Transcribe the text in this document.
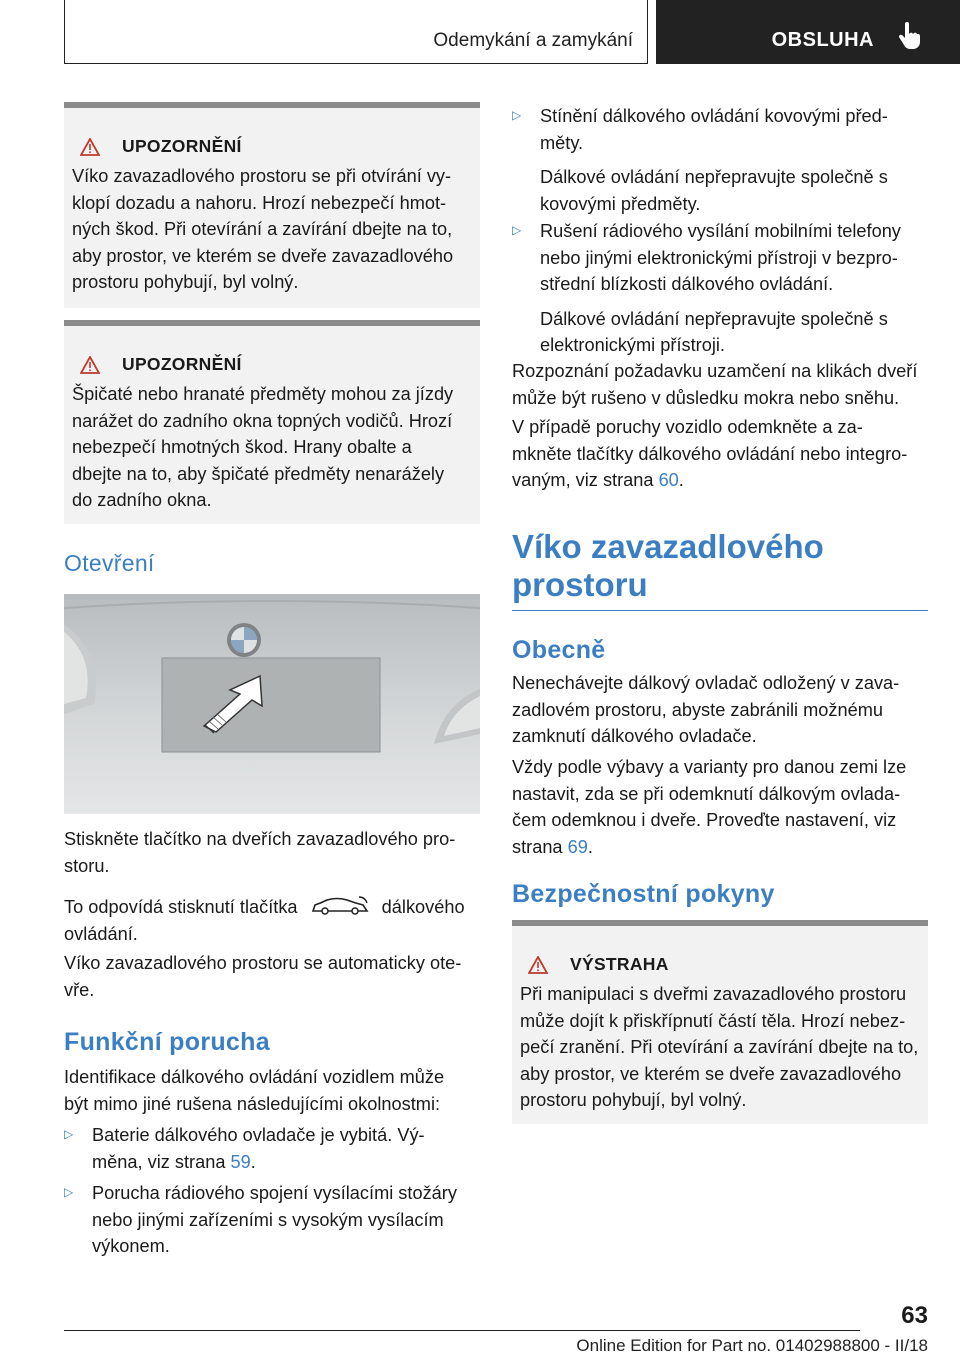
Odemykání a zamykání	OBSLUHA
UPOZORNĚNÍ

Víko zavazadlového prostoru se při otvírání vy-

klopí dozadu a nahoru. Hrozí nebezpečí hmot-

ných škod. Při otevírání a zavírání dbejte na to,

aby prostor, ve kterém se dveře zavazadlového

prostoru pohybují, byl volný.

UPOZORNĚNÍ

Špičaté nebo hranaté předměty mohou za jízdy

narážet do zadního okna topných vodičů. Hrozí

nebezpečí hmotných škod. Hrany obalte a

dbejte na to, aby špičaté předměty nenarážely

do zadního okna.

Otevření

Stiskněte tlačítko na dveřích zavazadlového pro-

storu.

To odpovídá stisknutí tlačítka	dálkového

ovládání.

Víko zavazadlového prostoru se automaticky ote-

vře.

Funkční porucha

Identifikace dálkového ovládání vozidlem může

být mimo jiné rušena následujícími okolnostmi:

▷ Baterie dálkového ovladače je vybitá. Vý-

měna, viz strana 59.

▷ Porucha rádiového spojení vysílacími stožáry

nebo jinými zařízeními s vysokým vysílacím

výkonem.

▷ Stínění dálkového ovládání kovovými před-

měty.

Dálkové ovládání nepřepravujte společně s

kovovými předměty.

▷ Rušení rádiového vysílání mobilními telefony

nebo jinými elektronickými přístroji v bezpro-

střední blízkosti dálkového ovládání.

Dálkové ovládání nepřepravujte společně s

elektronickými přístroji.

Rozpoznání požadavku uzamčení na klikách dveří

může být rušeno v důsledku mokra nebo sněhu.

V případě poruchy vozidlo odemkněte a za-

mkněte tlačítky dálkového ovládání nebo integro-

vaným, viz strana 60.

Víko zavazadlového
prostoru
Obecně

Nenechávejte dálkový ovladač odložený v zava-

zadlovém prostoru, abyste zabránili možnému

zamknutí dálkového ovladače.

Vždy podle výbavy a varianty pro danou zemi lze

nastavit, zda se při odemknutí dálkovým ovlada-

čem odemknou i dveře. Proveďte nastavení, viz

strana 69.

Bezpečnostní pokyny
VÝSTRAHA

Při manipulaci s dveřmi zavazadlového prostoru

může dojít k přiskřípnutí částí těla. Hrozí nebez-

pečí zranění. Při otevírání a zavírání dbejte na to,

aby prostor, ve kterém se dveře zavazadlového

prostoru pohybují, byl volný.

63
Online Edition for Part no. 01402988800 - II/18
